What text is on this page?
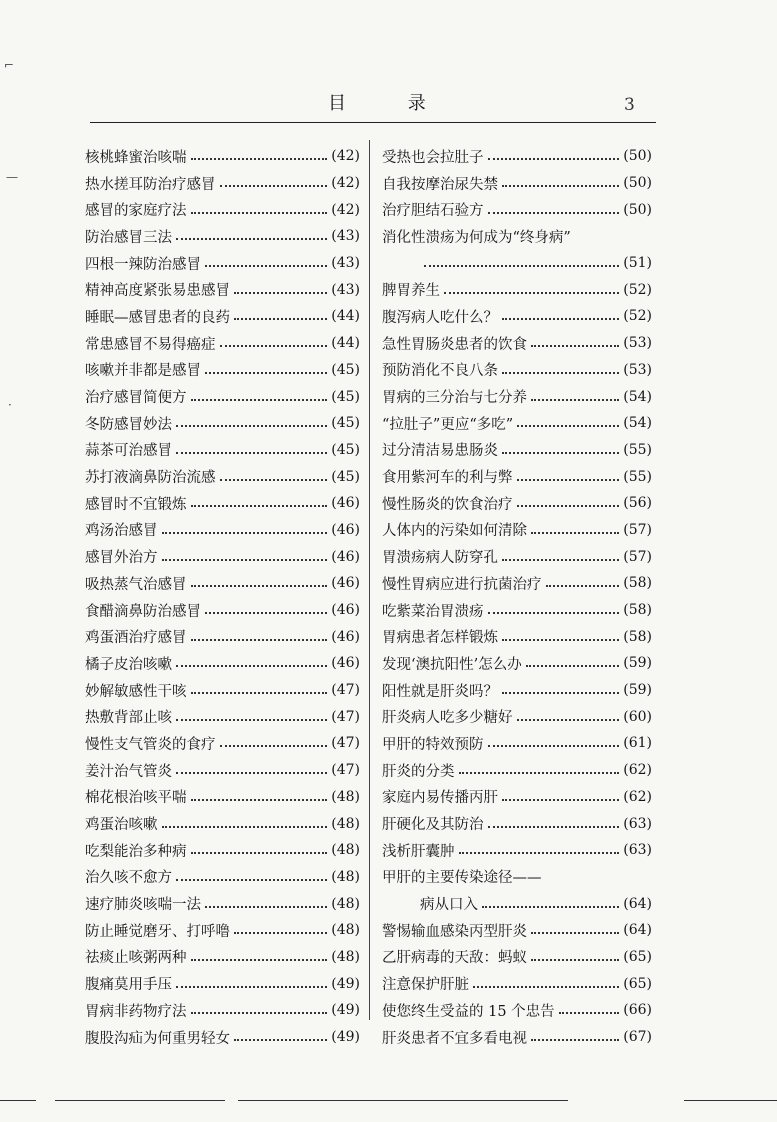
⌐
—
·
目 录	3
核桃蜂蜜治咳喘	(42)
热水搓耳防治疗感冒	(42)
感冒的家庭疗法	(42)
防治感冒三法	(43)
四根一辣防治感冒	(43)
精神高度紧张易患感冒	(43)
睡眠—感冒患者的良药	(44)
常患感冒不易得癌症	(44)
咳嗽并非都是感冒	(45)
治疗感冒简便方	(45)
冬防感冒妙法	(45)
蒜茶可治感冒	(45)
苏打液滴鼻防治流感	(45)
感冒时不宜锻炼	(46)
鸡汤治感冒	(46)
感冒外治方	(46)
吸热蒸气治感冒	(46)
食醋滴鼻防治感冒	(46)
鸡蛋酒治疗感冒	(46)
橘子皮治咳嗽	(46)
妙解敏感性干咳	(47)
热敷背部止咳	(47)
慢性支气管炎的食疗	(47)
姜汁治气管炎	(47)
棉花根治咳平喘	(48)
鸡蛋治咳嗽	(48)
吃梨能治多种病	(48)
治久咳不愈方	(48)
速疗肺炎咳喘一法	(48)
防止睡觉磨牙、打呼噜	(48)
祛痰止咳粥两种	(48)
腹痛莫用手压	(49)
胃病非药物疗法	(49)
腹股沟疝为何重男轻女	(49)
受热也会拉肚子	(50)
自我按摩治尿失禁	(50)
治疗胆结石验方	(50)
消化性溃疡为何成为“终身病”
(51)
脾胃养生	(52)
腹泻病人吃什么？	(52)
急性胃肠炎患者的饮食	(53)
预防消化不良八条	(53)
胃病的三分治与七分养	(54)
“拉肚子”更应“多吃”	(54)
过分清洁易患肠炎	(55)
食用紫河车的利与弊	(55)
慢性肠炎的饮食治疗	(56)
人体内的污染如何清除	(57)
胃溃疡病人防穿孔	(57)
慢性胃病应进行抗菌治疗	(58)
吃紫菜治胃溃疡	(58)
胃病患者怎样锻炼	(58)
发现‘澳抗阳性’怎么办	(59)
阳性就是肝炎吗？	(59)
肝炎病人吃多少糖好	(60)
甲肝的特效预防	(61)
肝炎的分类	(62)
家庭内易传播丙肝	(62)
肝硬化及其防治	(63)
浅析肝囊肿	(63)
甲肝的主要传染途径——
病从口入	(64)
警惕输血感染丙型肝炎	(64)
乙肝病毒的天敌：蚂蚁	(65)
注意保护肝脏	(65)
使您终生受益的 15 个忠告	(66)
肝炎患者不宜多看电视	(67)
